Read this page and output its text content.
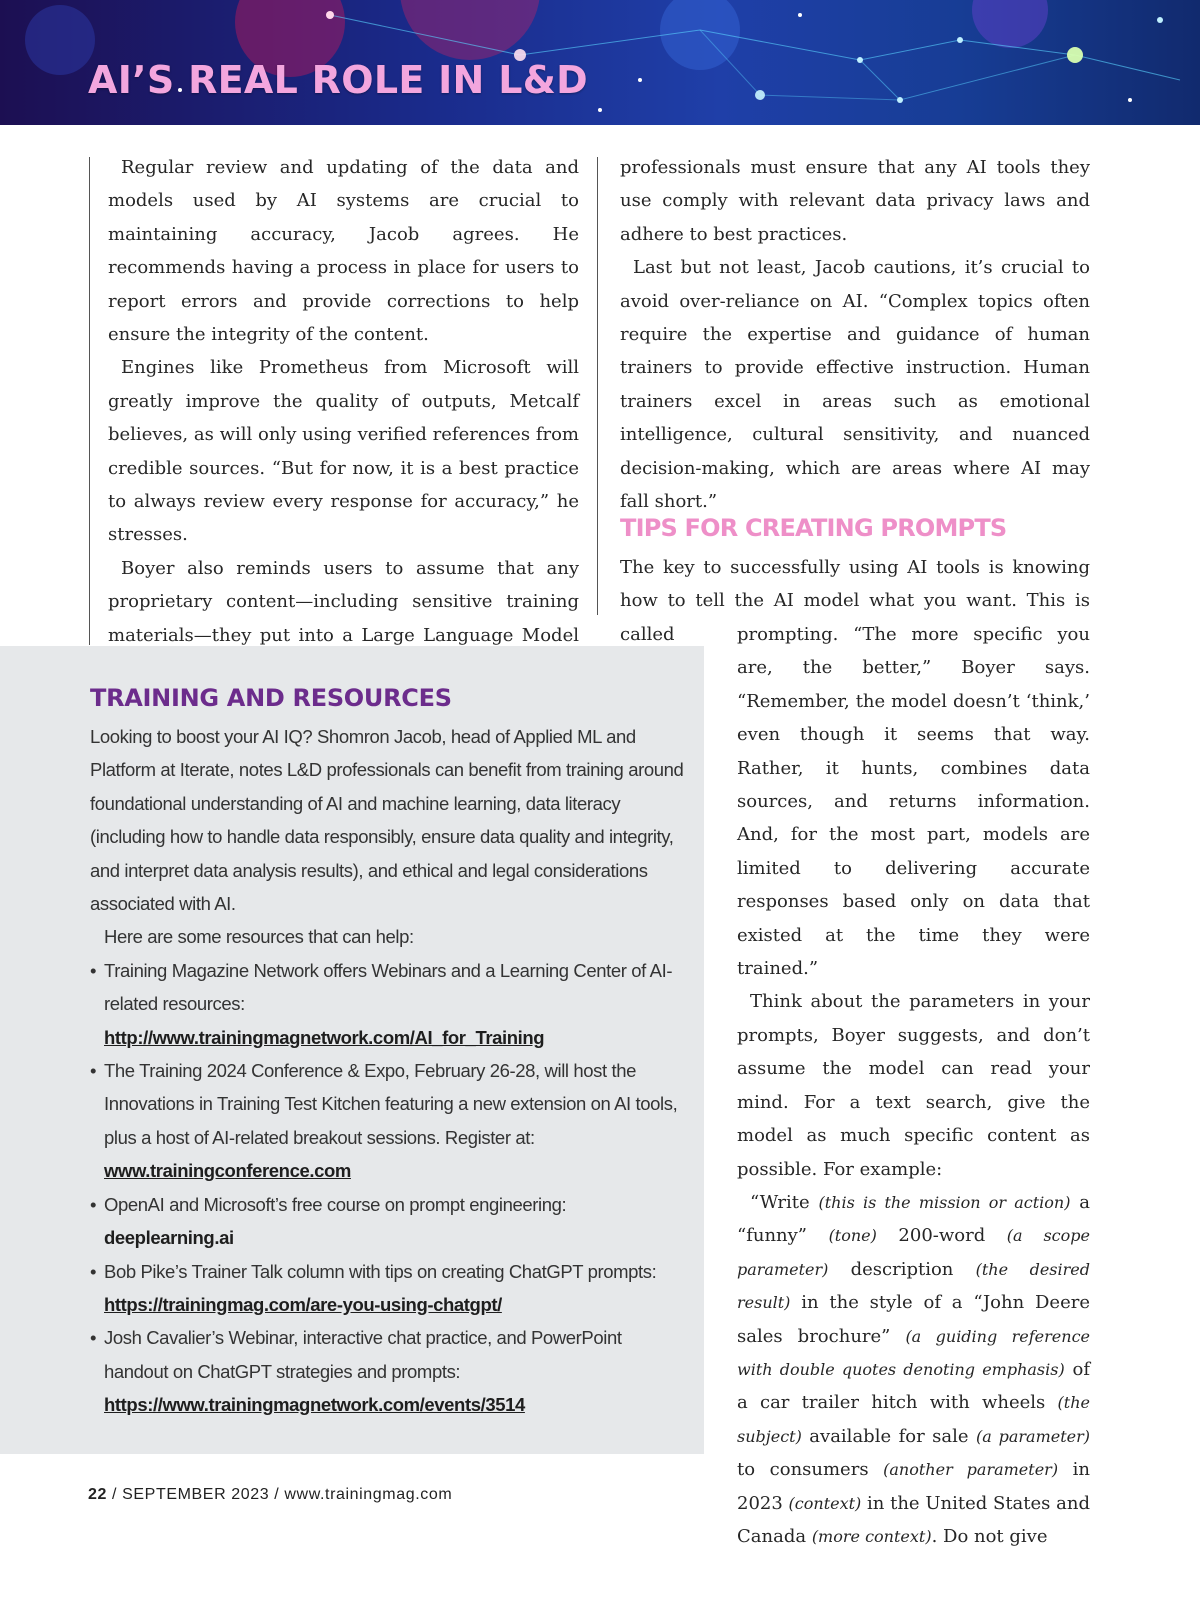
AI’S REAL ROLE IN L&D

Regular review and updating of the data and models used by AI systems are crucial to maintaining accuracy, Jacob agrees. He recommends having a process in place for users to report errors and provide corrections to help ensure the integrity of the content.

Engines like Prometheus from Microsoft will greatly improve the quality of outputs, Metcalf believes, as will only using verified references from credible sources. “But for now, it is a best practice to always review every response for accuracy,” he stresses.

Boyer also reminds users to assume that any proprietary content—including sensitive training materials—they put into a Large Language Model

professionals must ensure that any AI tools they use comply with relevant data privacy laws and adhere to best practices.

Last but not least, Jacob cautions, it’s crucial to avoid over-reliance on AI. “Complex topics often require the expertise and guidance of human trainers to provide effective instruction. Human trainers excel in areas such as emotional intelligence, cultural sensitivity, and nuanced decision-making, which are areas where AI may fall short.”

TIPS FOR CREATING PROMPTS

The key to successfully using AI tools is knowing how to tell the AI model what you want. This is called	prompting. “The more specific you are, the better,” Boyer says. “Remember, the model doesn’t ‘think,’ even though it seems that way. Rather, it hunts, combines data sources, and returns information. And, for the most part, models are limited to delivering accurate responses based only on data that existed at the time they were trained.”

Think about the parameters in your prompts, Boyer suggests, and don’t assume the model can read your mind. For a text search, give the model as much specific content as possible. For example:

“Write (this is the mission or action) a “funny” (tone) 200-word (a scope parameter) description (the desired result) in the style of a “John Deere sales brochure” (a guiding reference with double quotes denoting emphasis) of a car trailer hitch with wheels (the subject) available for sale (a parameter) to consumers (another parameter) in 2023 (context) in the United States and Canada (more context). Do not give

TRAINING AND RESOURCES

Looking to boost your AI IQ? Shomron Jacob, head of Applied ML and Platform at Iterate, notes L&D professionals can benefit from training around foundational understanding of AI and machine learning, data literacy (including how to handle data responsibly, ensure data quality and integrity, and interpret data analysis results), and ethical and legal considerations associated with AI.

Here are some resources that can help:

• Training Magazine Network offers Webinars and a Learning Center of AI-related resources:
http://www.trainingmagnetwork.com/AI_for_Training
• The Training 2024 Conference & Expo, February 26-28, will host the Innovations in Training Test Kitchen featuring a new extension on AI tools, plus a host of AI-related breakout sessions. Register at:
www.trainingconference.com
• OpenAI and Microsoft’s free course on prompt engineering:
deeplearning.ai
• Bob Pike’s Trainer Talk column with tips on creating ChatGPT prompts: https://trainingmag.com/are-you-using-chatgpt/
• Josh Cavalier’s Webinar, interactive chat practice, and PowerPoint handout on ChatGPT strategies and prompts:
https://www.trainingmagnetwork.com/events/3514
22 / SEPTEMBER 2023 / www.trainingmag.com
